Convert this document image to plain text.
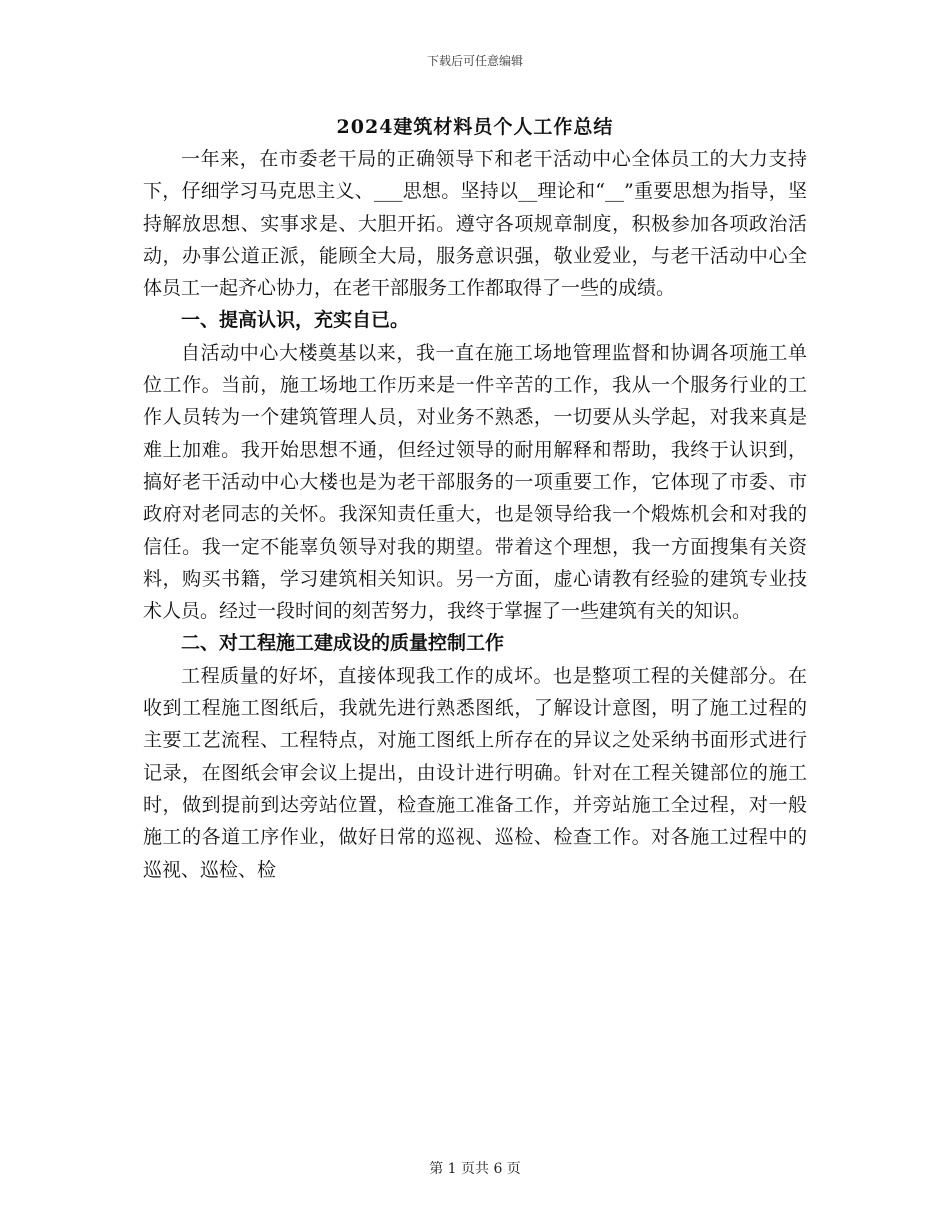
下载后可任意编辑
2024建筑材料员个人工作总结

一年来，在市委老干局的正确领导下和老干活动中心全体员工的大力支持下，仔细学习马克思主义、___思想。坚持以__理论和“__”重要思想为指导，坚持解放思想、实事求是、大胆开拓。遵守各项规章制度，积极参加各项政治活动，办事公道正派，能顾全大局，服务意识强，敬业爱业，与老干活动中心全体员工一起齐心协力，在老干部服务工作都取得了一些的成绩。

一、提高认识，充实自已。

自活动中心大楼奠基以来，我一直在施工场地管理监督和协调各项施工单位工作。当前，施工场地工作历来是一件辛苦的工作，我从一个服务行业的工作人员转为一个建筑管理人员，对业务不熟悉，一切要从头学起，对我来真是难上加难。我开始思想不通，但经过领导的耐用解释和帮助，我终于认识到，搞好老干活动中心大楼也是为老干部服务的一项重要工作，它体现了市委、市政府对老同志的关怀。我深知责任重大，也是领导给我一个煅炼机会和对我的信任。我一定不能辜负领导对我的期望。带着这个理想，我一方面搜集有关资料，购买书籍，学习建筑相关知识。另一方面，虚心请教有经验的建筑专业技术人员。经过一段时间的刻苦努力，我终于掌握了一些建筑有关的知识。

二、对工程施工建成设的质量控制工作

工程质量的好坏，直接体现我工作的成坏。也是整项工程的关健部分。在收到工程施工图纸后，我就先进行熟悉图纸，了解设计意图，明了施工过程的主要工艺流程、工程特点，对施工图纸上所存在的异议之处采纳书面形式进行记录，在图纸会审会议上提出，由设计进行明确。针对在工程关键部位的施工时，做到提前到达旁站位置，检查施工准备工作，并旁站施工全过程，对一般施工的各道工序作业，做好日常的巡视、巡检、检查工作。对各施工过程中的巡视、巡检、检

第 1 页共 6 页
